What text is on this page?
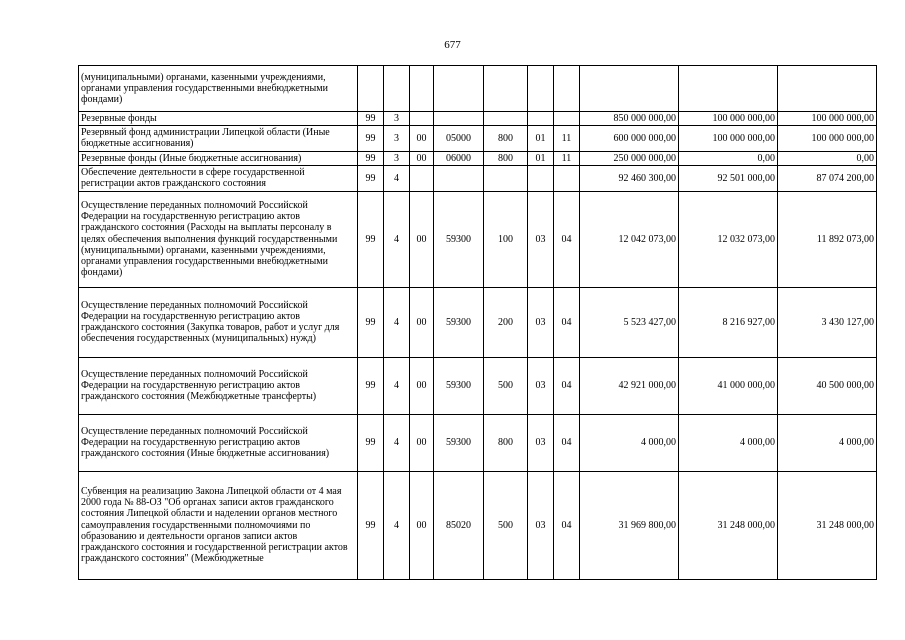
677
(муниципальными) органами, казенными учреждениями, органами управления государственными внебюджетными фондами)										
Резервные фонды	99	3						850 000 000,00	100 000 000,00	100 000 000,00
Резервный фонд администрации Липецкой области (Иные бюджетные ассигнования)	99	3	00	05000	800	01	11	600 000 000,00	100 000 000,00	100 000 000,00
Резервные фонды (Иные бюджетные ассигнования)	99	3	00	06000	800	01	11	250 000 000,00	0,00	0,00
Обеспечение деятельности в сфере государственной регистрации актов гражданского состояния	99	4						92 460 300,00	92 501 000,00	87 074 200,00
Осуществление переданных полномочий Российской Федерации на государственную регистрацию актов гражданского состояния (Расходы на выплаты персоналу в целях обеспечения выполнения функций государственными (муниципальными) органами, казенными учреждениями, органами управления государственными внебюджетными фондами)	99	4	00	59300	100	03	04	12 042 073,00	12 032 073,00	11 892 073,00
Осуществление переданных полномочий Российской Федерации на государственную регистрацию актов гражданского состояния (Закупка товаров, работ и услуг для обеспечения государственных (муниципальных) нужд)	99	4	00	59300	200	03	04	5 523 427,00	8 216 927,00	3 430 127,00
Осуществление переданных полномочий Российской Федерации на государственную регистрацию актов гражданского состояния (Межбюджетные трансферты)	99	4	00	59300	500	03	04	42 921 000,00	41 000 000,00	40 500 000,00
Осуществление переданных полномочий Российской Федерации на государственную регистрацию актов гражданского состояния (Иные бюджетные ассигнования)	99	4	00	59300	800	03	04	4 000,00	4 000,00	4 000,00
Субвенция на реализацию Закона Липецкой области от 4 мая 2000 года № 88-ОЗ "Об органах записи актов гражданского состояния Липецкой области и наделении органов местного самоуправления государственными полномочиями по образованию и деятельности органов записи актов гражданского состояния и государственной регистрации актов гражданского состояния" (Межбюджетные	99	4	00	85020	500	03	04	31 969 800,00	31 248 000,00	31 248 000,00
